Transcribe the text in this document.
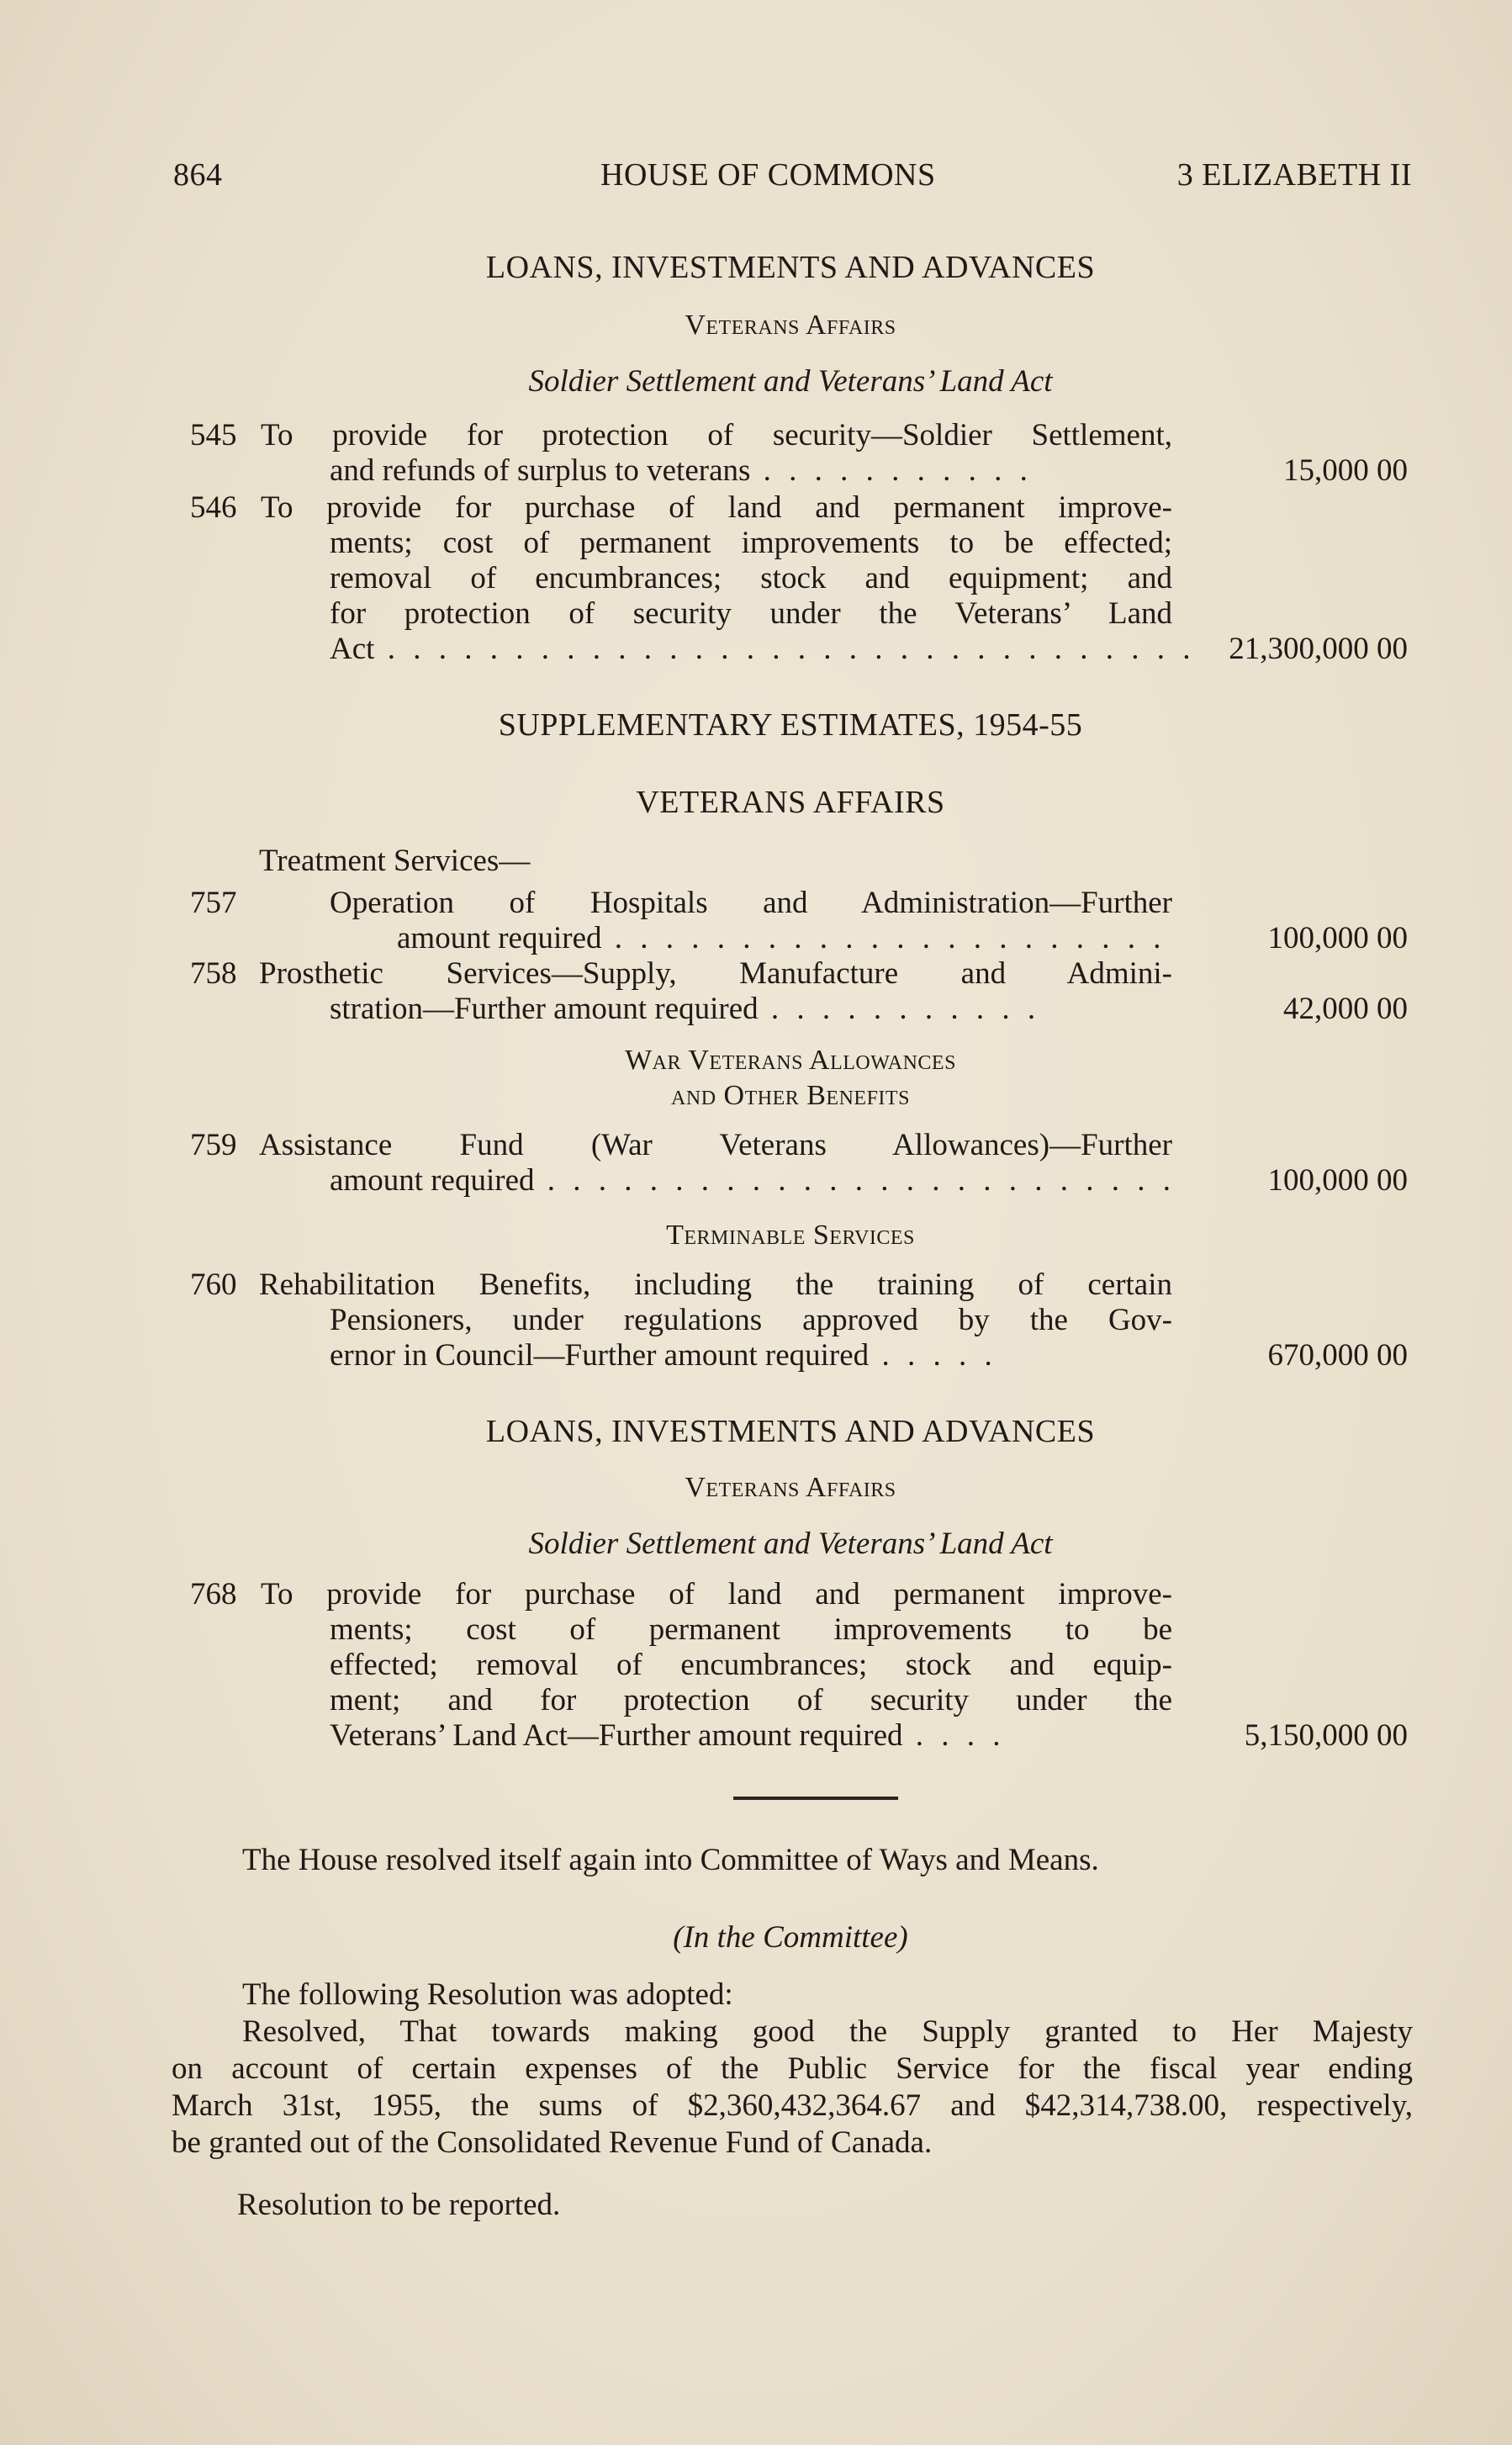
864	HOUSE OF COMMONS	3 ELIZABETH II
LOANS, INVESTMENTS AND ADVANCES
Veterans Affairs
Soldier Settlement and Veterans’ Land Act
545 To provide for protection of security—Soldier Settlement,
and refunds of surplus to veterans . . . . . . . . . . .	15,000 00
546 To provide for purchase of land and permanent improve-
ments; cost of permanent improvements to be effected;
removal of encumbrances; stock and equipment; and
for protection of security under the Veterans’ Land
Act . . . . . . . . . . . . . . . . . . . . . . . . . . . . . . . . 21,300,000 00
SUPPLEMENTARY ESTIMATES, 1954-55
VETERANS AFFAIRS
Treatment Services—
757	Operation of Hospitals and Administration—Further
amount required . . . . . . . . . . . . . . . . . . . . . .	100,000 00
758 Prosthetic Services—Supply, Manufacture and Admini-
stration—Further amount required . . . . . . . . . . .	42,000 00
War Veterans Allowances
and Other Benefits
759 Assistance Fund (War Veterans Allowances)—Further
amount required . . . . . . . . . . . . . . . . . . . . . . . . .	100,000 00
Terminable Services
760 Rehabilitation Benefits, including the training of certain
Pensioners, under regulations approved by the Gov-
ernor in Council—Further amount required . . . . .	670,000 00
LOANS, INVESTMENTS AND ADVANCES
Veterans Affairs
Soldier Settlement and Veterans’ Land Act
768 To provide for purchase of land and permanent improve-
ments; cost of permanent improvements to be
effected; removal of encumbrances; stock and equip-
ment; and for protection of security under the
Veterans’ Land Act—Further amount required . . . .	5,150,000 00
The House resolved itself again into Committee of Ways and Means.
(In the Committee)
The following Resolution was adopted:
Resolved, That towards making good the Supply granted to Her Majesty
on account of certain expenses of the Public Service for the fiscal year ending
March 31st, 1955, the sums of $2,360,432,364.67 and $42,314,738.00, respectively,
be granted out of the Consolidated Revenue Fund of Canada.
Resolution to be reported.
